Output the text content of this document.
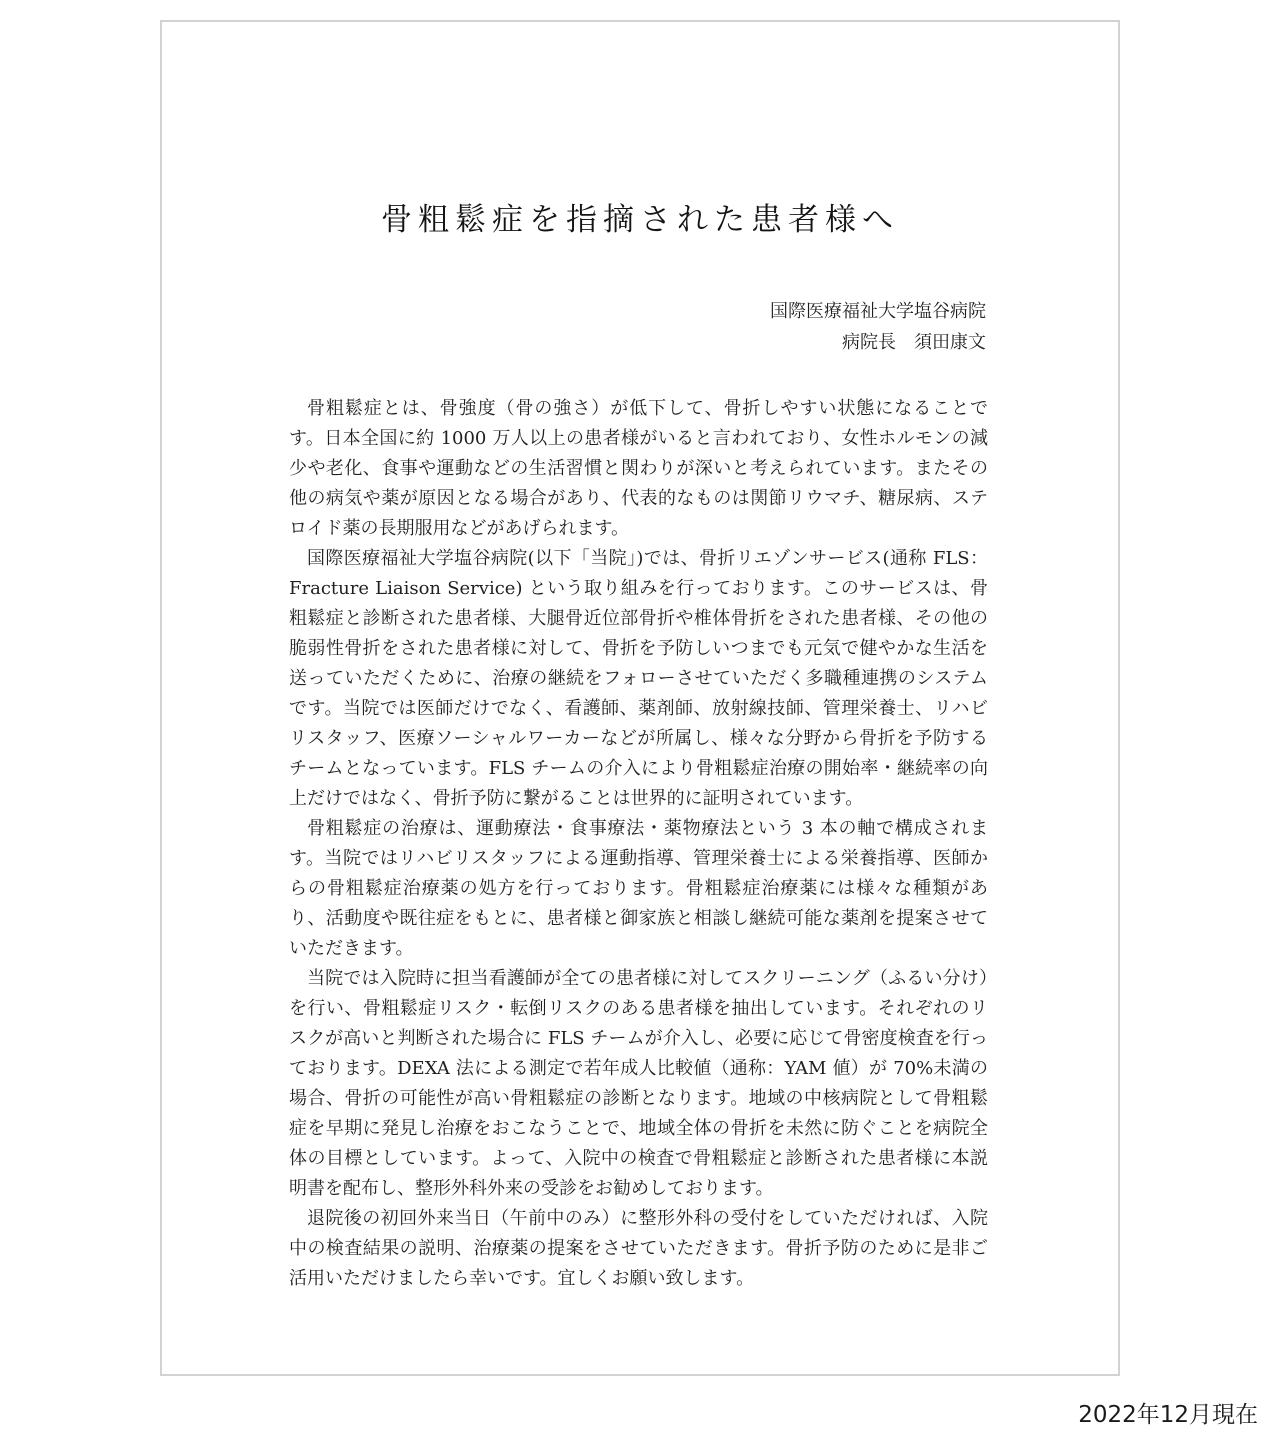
骨粗鬆症を指摘された患者様へ
国際医療福祉大学塩谷病院
病院長　須田康文

骨粗鬆症とは、骨強度（骨の強さ）が低下して、骨折しやすい状態になることです。日本全国に約 1000 万人以上の患者様がいると言われており、女性ホルモンの減少や老化、食事や運動などの生活習慣と関わりが深いと考えられています。またその他の病気や薬が原因となる場合があり、代表的なものは関節リウマチ、糖尿病、ステロイド薬の長期服用などがあげられます。

国際医療福祉大学塩谷病院(以下「当院」)では、骨折リエゾンサービス(通称 FLS：Fracture Liaison Service) という取り組みを行っております。このサービスは、骨粗鬆症と診断された患者様、大腿骨近位部骨折や椎体骨折をされた患者様、その他の脆弱性骨折をされた患者様に対して、骨折を予防しいつまでも元気で健やかな生活を送っていただくために、治療の継続をフォローさせていただく多職種連携のシステムです。当院では医師だけでなく、看護師、薬剤師、放射線技師、管理栄養士、リハビリスタッフ、医療ソーシャルワーカーなどが所属し、様々な分野から骨折を予防するチームとなっています。FLS チームの介入により骨粗鬆症治療の開始率・継続率の向上だけではなく、骨折予防に繋がることは世界的に証明されています。

骨粗鬆症の治療は、運動療法・食事療法・薬物療法という 3 本の軸で構成されます。当院ではリハビリスタッフによる運動指導、管理栄養士による栄養指導、医師からの骨粗鬆症治療薬の処方を行っております。骨粗鬆症治療薬には様々な種類があり、活動度や既往症をもとに、患者様と御家族と相談し継続可能な薬剤を提案させていただきます。

当院では入院時に担当看護師が全ての患者様に対してスクリーニング（ふるい分け）を行い、骨粗鬆症リスク・転倒リスクのある患者様を抽出しています。それぞれのリスクが高いと判断された場合に FLS チームが介入し、必要に応じて骨密度検査を行っております。DEXA 法による測定で若年成人比較値（通称：YAM 値）が 70%未満の場合、骨折の可能性が高い骨粗鬆症の診断となります。地域の中核病院として骨粗鬆症を早期に発見し治療をおこなうことで、地域全体の骨折を未然に防ぐことを病院全体の目標としています。よって、入院中の検査で骨粗鬆症と診断された患者様に本説明書を配布し、整形外科外来の受診をお勧めしております。

退院後の初回外来当日（午前中のみ）に整形外科の受付をしていただければ、入院中の検査結果の説明、治療薬の提案をさせていただきます。骨折予防のために是非ご活用いただけましたら幸いです。宜しくお願い致します。

2022年12月現在
